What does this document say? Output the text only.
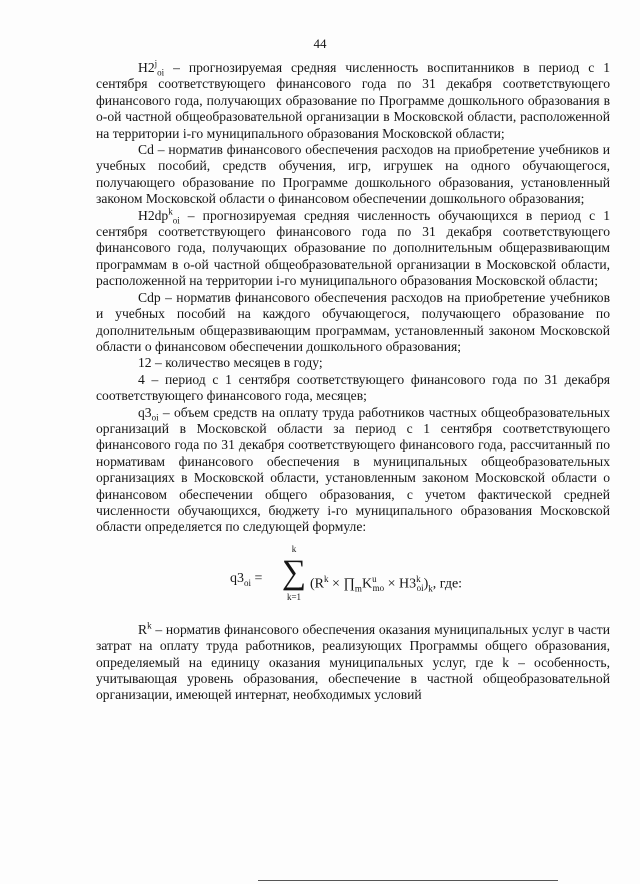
44

$H2^j_{oi}$ – прогнозируемая средняя численность воспитанников в период с 1 сентября соответствующего финансового года по 31 декабря соответствующего финансового года, получающих образование по Программе дошкольного образования в о-ой частной общеобразовательной организации в Московской области, расположенной на территории i-го муниципального образования Московской области;

Cd – норматив финансового обеспечения расходов на приобретение учебников и учебных пособий, средств обучения, игр, игрушек на одного обучающегося, получающего образование по Программе дошкольного образования, установленный законом Московской области о финансовом обеспечении дошкольного образования;

$H2dp^k_{oi}$ – прогнозируемая средняя численность обучающихся в период с 1 сентября соответствующего финансового года по 31 декабря соответствующего финансового года, получающих образование по дополнительным общеразвивающим программам в о-ой частной общеобразовательной организации в Московской области, расположенной на территории i-го муниципального образования Московской области;

Cdp – норматив финансового обеспечения расходов на приобретение учебников и учебных пособий на каждого обучающегося, получающего образование по дополнительным общеразвивающим программам, установленный законом Московской области о финансовом обеспечении дошкольного образования;

12 – количество месяцев в году;

4 – период с 1 сентября соответствующего финансового года по 31 декабря соответствующего финансового года, месяцев;

$q3_{oi}$ – объем средств на оплату труда работников частных общеобразовательных организаций в Московской области за период с 1 сентября соответствующего финансового года по 31 декабря соответствующего финансового года, рассчитанный по нормативам финансового обеспечения в муниципальных общеобразовательных организациях в Московской области, установленным законом Московской области о финансовом обеспечении общего образования, с учетом фактической средней численности обучающихся, бюджету i-го муниципального образования Московской области определяется по следующей формуле:

$q3_{oi}$ =
k
∑
k=1
($R^k$ × $\prod_mK^u_{mo} \times H3^k_{oi})_k$, где:

$R^k$ – норматив финансового обеспечения оказания муниципальных услуг в части затрат на оплату труда работников, реализующих Программы общего образования, определяемый на единицу оказания муниципальных услуг, где k – особенность, учитывающая уровень образования, обеспечение в частной общеобразовательной организации, имеющей интернат, необходимых условий
